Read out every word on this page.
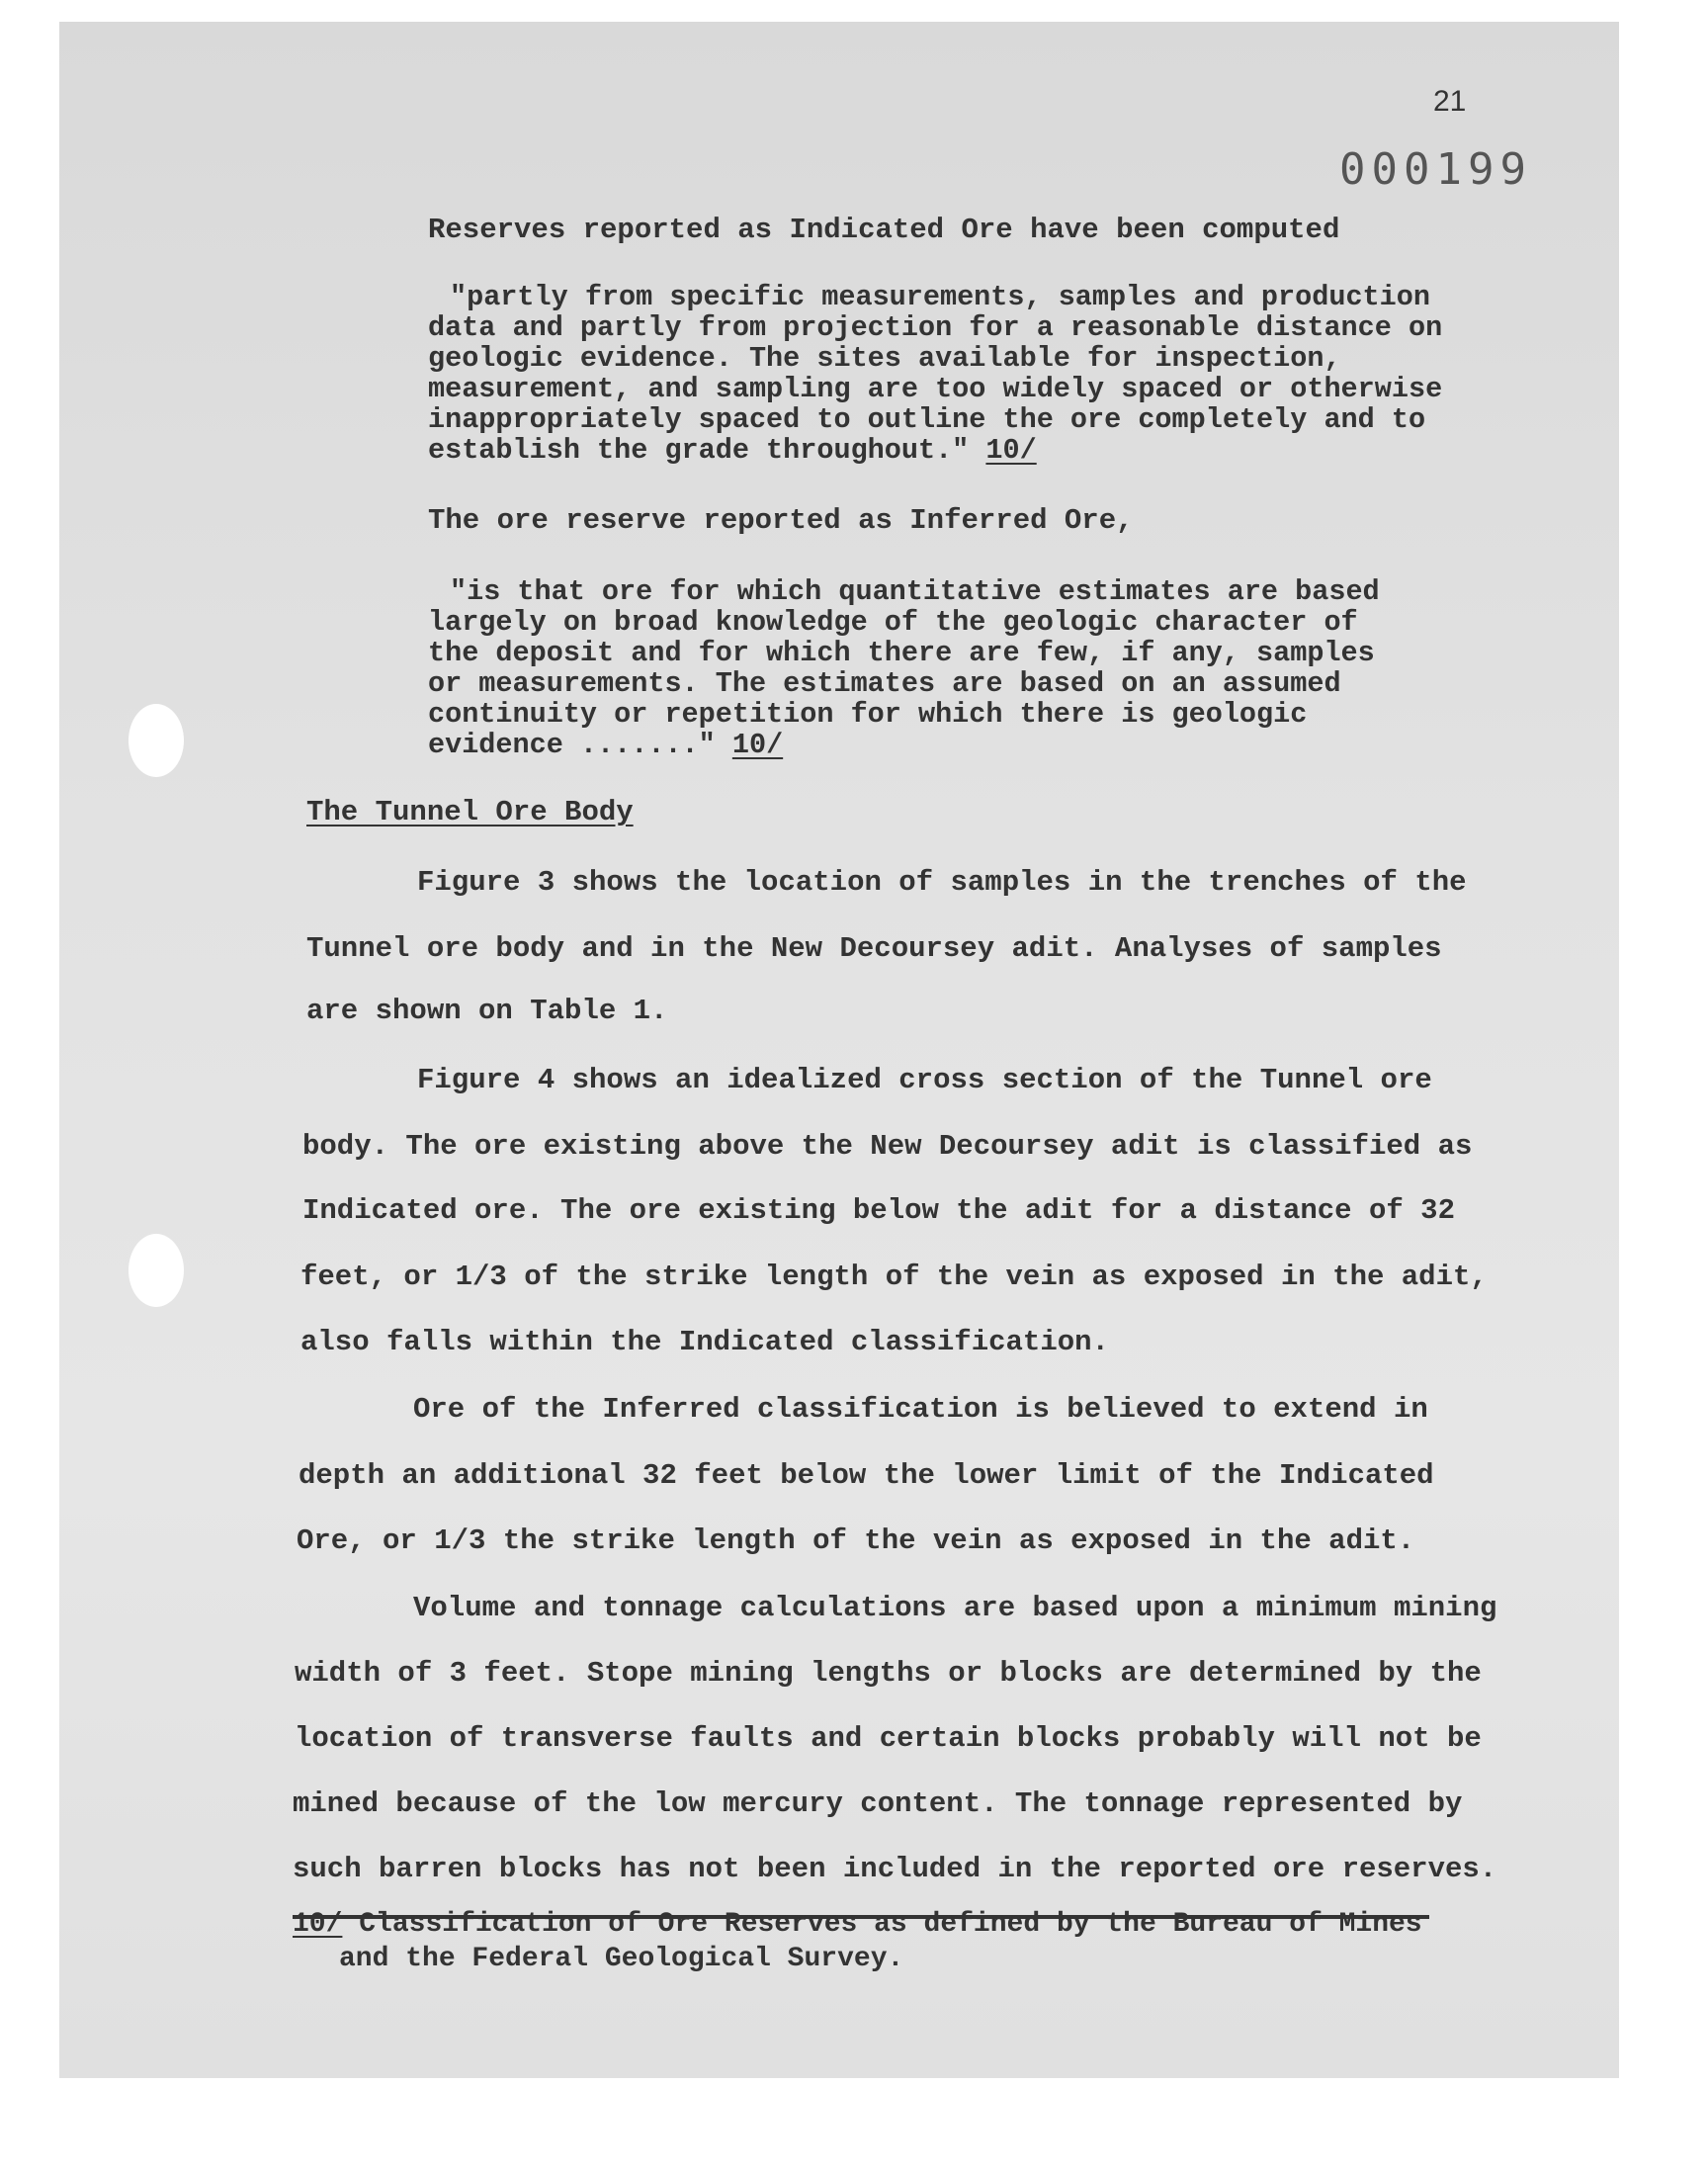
21
000199
Reserves reported as Indicated Ore have been computed
"partly from specific measurements, samples and production
data and partly from projection for a reasonable distance on
geologic evidence. The sites available for inspection,
measurement, and sampling are too widely spaced or otherwise
inappropriately spaced to outline the ore completely and to
establish the grade throughout." 10/
The ore reserve reported as Inferred Ore,
"is that ore for which quantitative estimates are based
largely on broad knowledge of the geologic character of
the deposit and for which there are few, if any, samples
or measurements. The estimates are based on an assumed
continuity or repetition for which there is geologic
evidence ......." 10/
The Tunnel Ore Body
Figure 3 shows the location of samples in the trenches of the
Tunnel ore body and in the New Decoursey adit. Analyses of samples
are shown on Table 1.
Figure 4 shows an idealized cross section of the Tunnel ore
body. The ore existing above the New Decoursey adit is classified as
Indicated ore. The ore existing below the adit for a distance of 32
feet, or 1/3 of the strike length of the vein as exposed in the adit,
also falls within the Indicated classification.
Ore of the Inferred classification is believed to extend in
depth an additional 32 feet below the lower limit of the Indicated
Ore, or 1/3 the strike length of the vein as exposed in the adit.
Volume and tonnage calculations are based upon a minimum mining
width of 3 feet. Stope mining lengths or blocks are determined by the
location of transverse faults and certain blocks probably will not be
mined because of the low mercury content. The tonnage represented by
such barren blocks has not been included in the reported ore reserves.
10/ Classification of Ore Reserves as defined by the Bureau of Mines
and the Federal Geological Survey.
